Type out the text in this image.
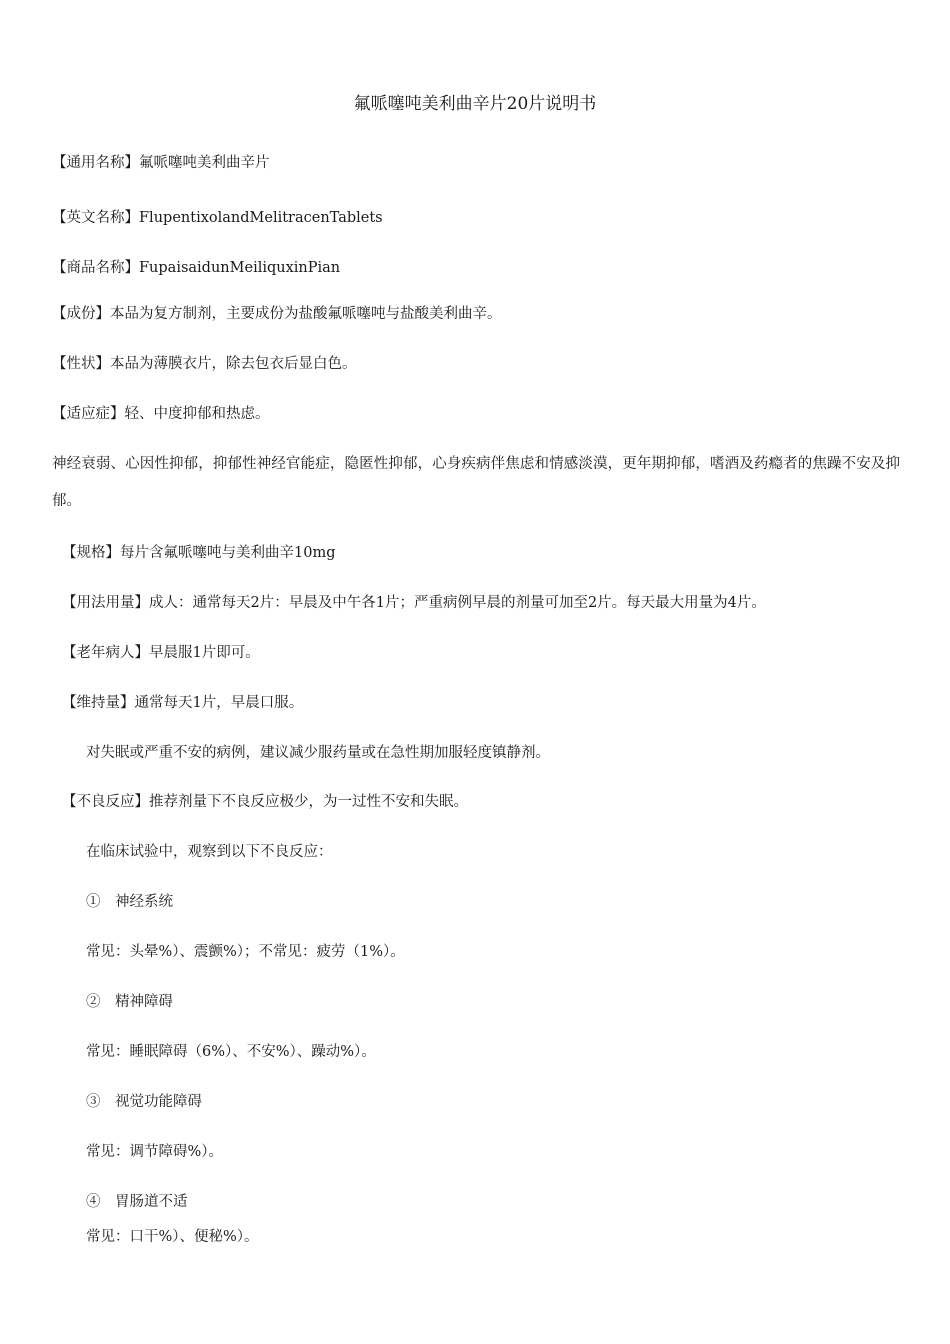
氟哌噻吨美利曲辛片20片说明书
【通用名称】氟哌噻吨美利曲辛片
【英文名称】FlupentixolandMelitracenTablets
【商品名称】FupaisaidunMeiliquxinPian
【成份】本品为复方制剂，主要成份为盐酸氟哌噻吨与盐酸美利曲辛。
【性状】本品为薄膜衣片，除去包衣后显白色。
【适应症】轻、中度抑郁和热虑。
神经衰弱、心因性抑郁，抑郁性神经官能症，隐匿性抑郁，心身疾病伴焦虑和情感淡漠，更年期抑郁，嗜酒及药瘾者的焦躁不安及抑郁。
【规格】每片含氟哌噻吨与美利曲辛10mg
【用法用量】成人：通常每天2片：早晨及中午各1片；严重病例早晨的剂量可加至2片。每天最大用量为4片。
【老年病人】早晨服1片即可。
【维持量】通常每天1片，早晨口服。
对失眠或严重不安的病例，建议减少服药量或在急性期加服轻度镇静剂。
【不良反应】推荐剂量下不良反应极少，为一过性不安和失眠。
在临床试验中，观察到以下不良反应：
①　神经系统
常见：头晕%）、震颤%）；不常见：疲劳（1%）。
②　精神障碍
常见：睡眠障碍（6%）、不安%）、躁动%）。
③　视觉功能障碍
常见：调节障碍%）。
④　胃肠道不适
常见：口干%）、便秘%）。
